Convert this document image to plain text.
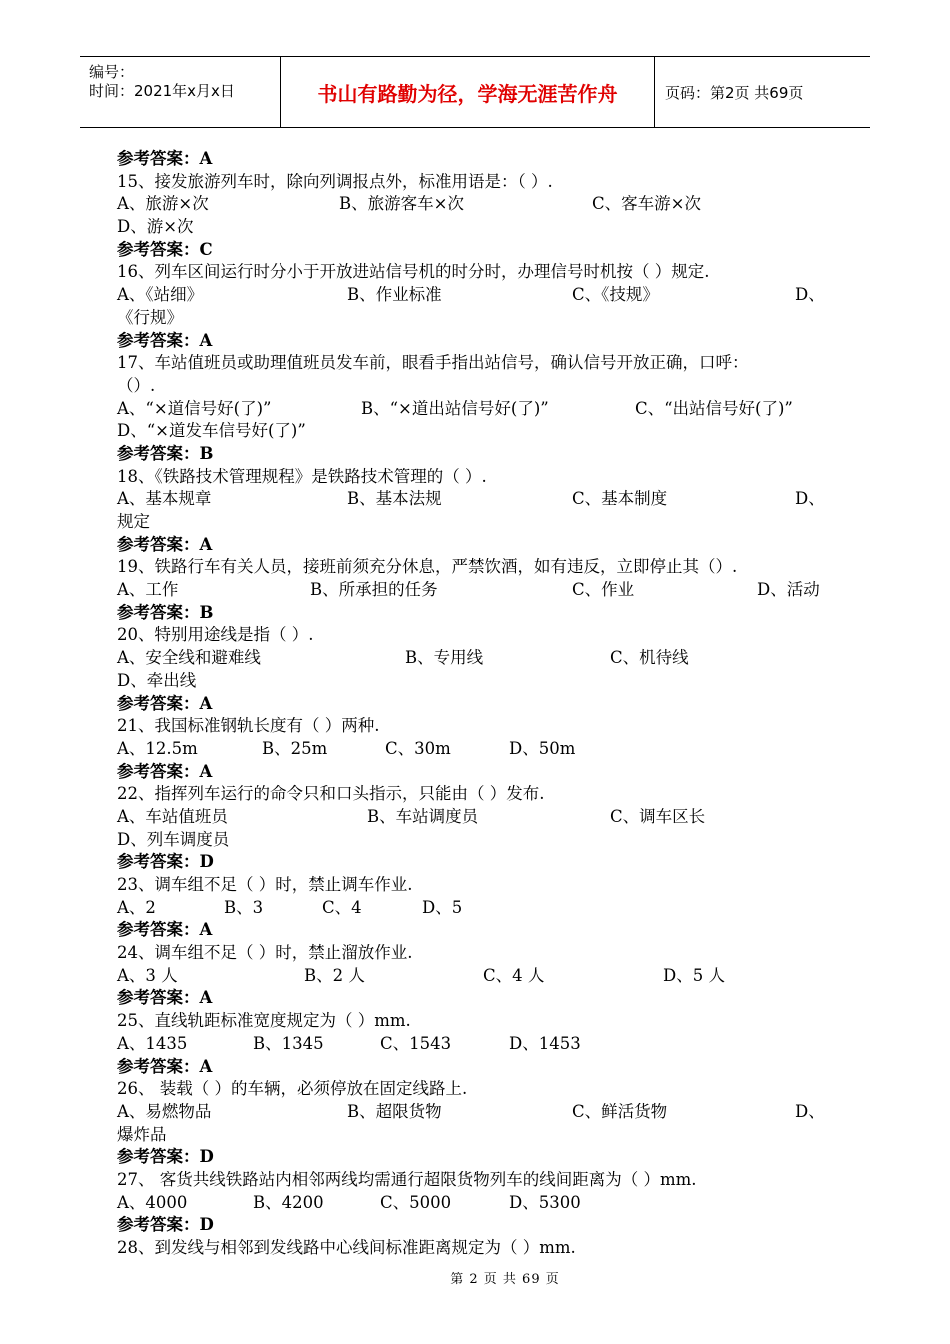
编号：
时间：2021年x月x日	书山有路勤为径，学海无涯苦作舟	页码：第2页 共69页
参考答案：A
15、接发旅游列车时，除向列调报点外，标准用语是：（ ）.
A、旅游×次	B、旅游客车×次	C、客车游×次
D、游×次
参考答案：C
16、列车区间运行时分小于开放进站信号机的时分时，办理信号时机按（ ）规定.
A、《站细》	B、作业标准	C、《技规》	D、
《行规》
参考答案：A
17、车站值班员或助理值班员发车前，眼看手指出站信号，确认信号开放正确，口呼：
（）.
A、“×道信号好(了)”	B、“×道出站信号好(了)”	C、“出站信号好(了)”
D、“×道发车信号好(了)”
参考答案：B
18、《铁路技术管理规程》是铁路技术管理的（ ）.
A、基本规章	B、基本法规	C、基本制度	D、
规定
参考答案：A
19、铁路行车有关人员，接班前须充分休息，严禁饮酒，如有违反，立即停止其（）.
A、工作	B、所承担的任务	C、作业	D、活动
参考答案：B
20、特别用途线是指（ ）.
A、安全线和避难线	B、专用线	C、机待线
D、牵出线
参考答案：A
21、我国标准钢轨长度有（ ）两种.
A、12.5m	B、25m	C、30m	D、50m
参考答案：A
22、指挥列车运行的命令只和口头指示，只能由（ ）发布.
A、车站值班员	B、车站调度员	C、调车区长
D、列车调度员
参考答案：D
23、调车组不足（ ）时，禁止调车作业.
A、2	B、3	C、4	D、5
参考答案：A
24、调车组不足（ ）时，禁止溜放作业.
A、3 人	B、2 人	C、4 人	D、5 人
参考答案：A
25、直线轨距标准宽度规定为（ ）mm.
A、1435	B、1345	C、1543	D、1453
参考答案：A
26、 装载（ ）的车辆，必须停放在固定线路上.
A、易燃物品	B、超限货物	C、鲜活货物	D、
爆炸品
参考答案：D
27、 客货共线铁路站内相邻两线均需通行超限货物列车的线间距离为（ ）mm.
A、4000	B、4200	C、5000	D、5300
参考答案：D
28、到发线与相邻到发线路中心线间标准距离规定为（ ）mm.
第 2 页 共 69 页
